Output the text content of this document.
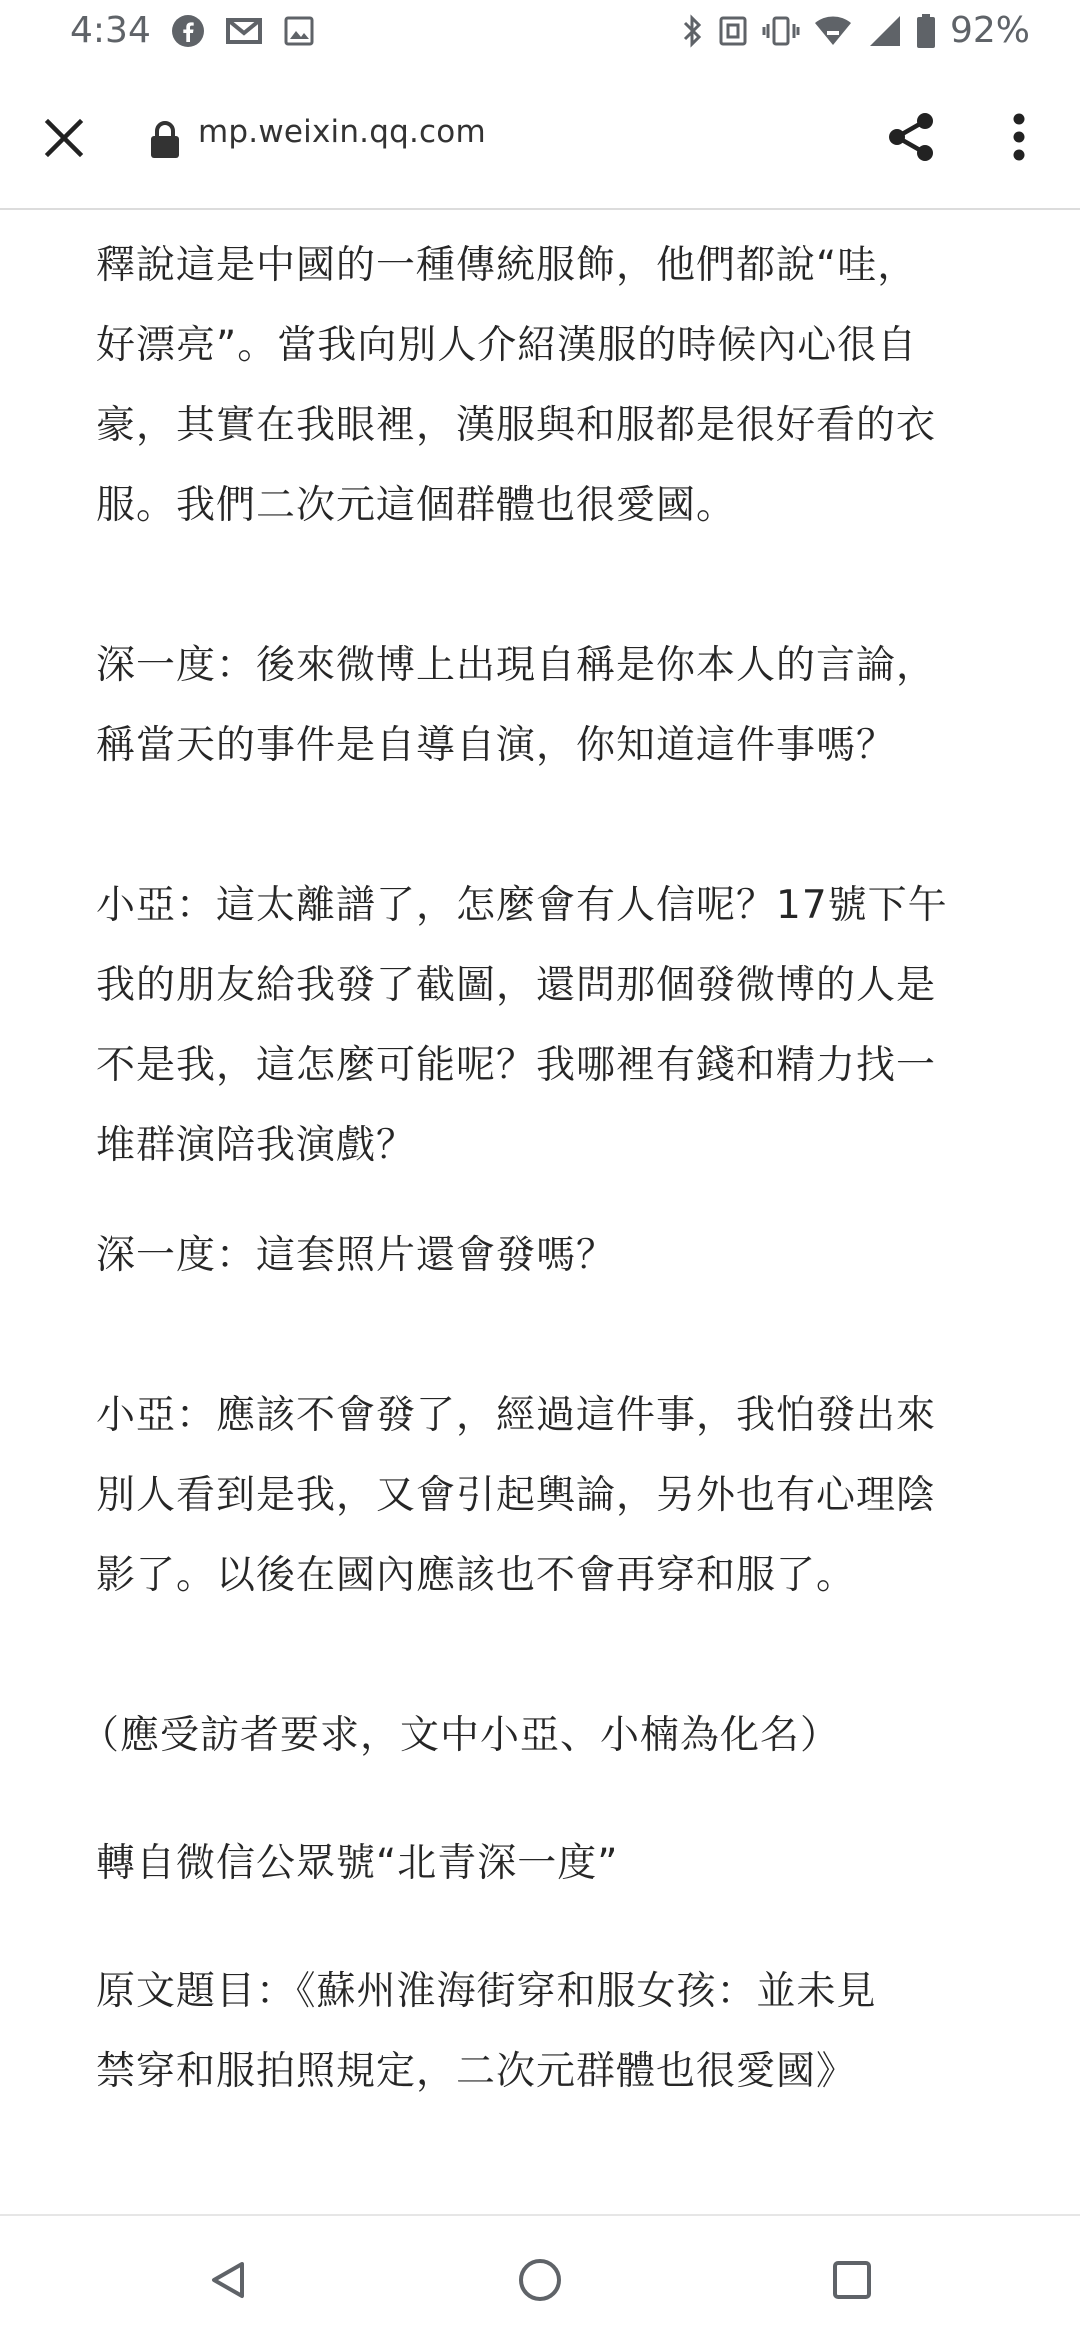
4:34	92%
mp.weixin.qq.com

釋說這是中國的一種傳統服飾，他們都說“哇，
好漂亮”。當我向別人介紹漢服的時候內心很自
豪，其實在我眼裡，漢服與和服都是很好看的衣
服。我們二次元這個群體也很愛國。

深一度：後來微博上出現自稱是你本人的言論，
稱當天的事件是自導自演，你知道這件事嗎？

小亞：這太離譜了，怎麼會有人信呢？17號下午
我的朋友給我發了截圖，還問那個發微博的人是
不是我，這怎麼可能呢？我哪裡有錢和精力找一
堆群演陪我演戲？

深一度：這套照片還會發嗎？

小亞：應該不會發了，經過這件事，我怕發出來
別人看到是我，又會引起輿論，另外也有心理陰
影了。以後在國內應該也不會再穿和服了。

（應受訪者要求，文中小亞、小楠為化名）

轉自微信公眾號“北青深一度”

原文題目：《蘇州淮海街穿和服女孩：並未見
禁穿和服拍照規定，二次元群體也很愛國》
